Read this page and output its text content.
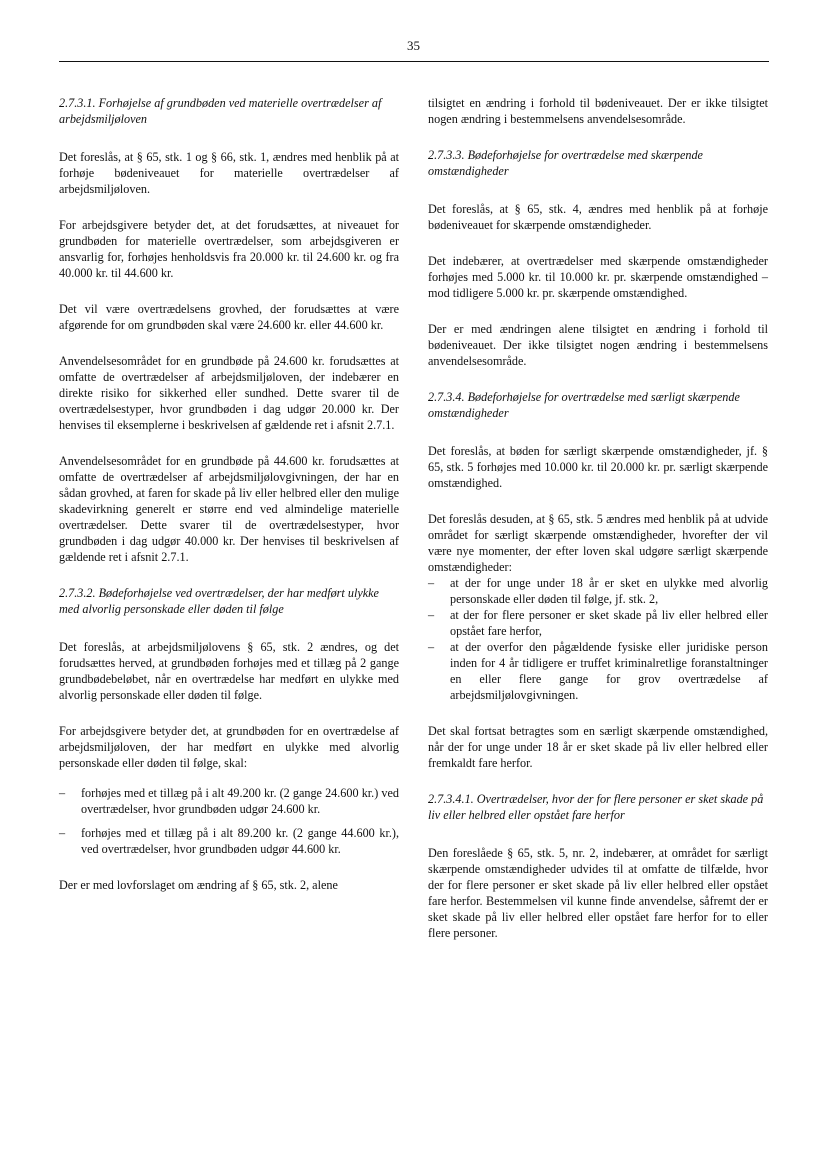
35
2.7.3.1. Forhøjelse af grundbøden ved materielle overtrædelser af arbejdsmiljøloven

Det foreslås, at § 65, stk. 1 og § 66, stk. 1, ændres med henblik på at forhøje bødeniveauet for materielle overtrædelser af arbejdsmiljøloven.

For arbejdsgivere betyder det, at det forudsættes, at niveauet for grundbøden for materielle overtrædelser, som arbejdsgiveren er ansvarlig for, forhøjes henholdsvis fra 20.000 kr. til 24.600 kr. og fra 40.000 kr. til 44.600 kr.

Det vil være overtrædelsens grovhed, der forudsættes at være afgørende for om grundbøden skal være 24.600 kr. eller 44.600 kr.

Anvendelsesområdet for en grundbøde på 24.600 kr. forudsættes at omfatte de overtrædelser af arbejdsmiljøloven, der indebærer en direkte risiko for sikkerhed eller sundhed. Dette svarer til de overtrædelsestyper, hvor grundbøden i dag udgør 20.000 kr. Der henvises til eksemplerne i beskrivelsen af gældende ret i afsnit 2.7.1.

Anvendelsesområdet for en grundbøde på 44.600 kr. forudsættes at omfatte de overtrædelser af arbejdsmiljølovgivningen, der har en sådan grovhed, at faren for skade på liv eller helbred eller den mulige skadevirkning generelt er større end ved almindelige materielle overtrædelser. Dette svarer til de overtrædelsestyper, hvor grundbøden i dag udgør 40.000 kr. Der henvises til beskrivelsen af gældende ret i afsnit 2.7.1.

2.7.3.2. Bødeforhøjelse ved overtrædelser, der har medført ulykke med alvorlig personskade eller døden til følge

Det foreslås, at arbejdsmiljølovens § 65, stk. 2 ændres, og det forudsættes herved, at grundbøden forhøjes med et tillæg på 2 gange grundbødebeløbet, når en overtrædelse har medført en ulykke med alvorlig personskade eller døden til følge.

For arbejdsgivere betyder det, at grundbøden for en overtrædelse af arbejdsmiljøloven, der har medført en ulykke med alvorlig personskade eller døden til følge, skal:

– forhøjes med et tillæg på i alt 49.200 kr. (2 gange 24.600 kr.) ved overtrædelser, hvor grundbøden udgør 24.600 kr.
– forhøjes med et tillæg på i alt 89.200 kr. (2 gange 44.600 kr.), ved overtrædelser, hvor grundbøden udgør 44.600 kr.

Der er med lovforslaget om ændring af § 65, stk. 2, alene

tilsigtet en ændring i forhold til bødeniveauet. Der er ikke tilsigtet nogen ændring i bestemmelsens anvendelsesområde.

2.7.3.3. Bødeforhøjelse for overtrædelse med skærpende omstændigheder

Det foreslås, at § 65, stk. 4, ændres med henblik på at forhøje bødeniveauet for skærpende omstændigheder.

Det indebærer, at overtrædelser med skærpende omstændigheder forhøjes med 5.000 kr. til 10.000 kr. pr. skærpende omstændighed – mod tidligere 5.000 kr. pr. skærpende omstændighed.

Der er med ændringen alene tilsigtet en ændring i forhold til bødeniveauet. Der ikke tilsigtet nogen ændring i bestemmelsens anvendelsesområde.

2.7.3.4. Bødeforhøjelse for overtrædelse med særligt skærpende omstændigheder

Det foreslås, at bøden for særligt skærpende omstændigheder, jf. § 65, stk. 5 forhøjes med 10.000 kr. til 20.000 kr. pr. særligt skærpende omstændighed.

Det foreslås desuden, at § 65, stk. 5 ændres med henblik på at udvide området for særligt skærpende omstændigheder, hvorefter der vil være nye momenter, der efter loven skal udgøre særligt skærpende omstændigheder:

– at der for unge under 18 år er sket en ulykke med alvorlig personskade eller døden til følge, jf. stk. 2,
– at der for flere personer er sket skade på liv eller helbred eller opstået fare herfor,
– at der overfor den pågældende fysiske eller juridiske person inden for 4 år tidligere er truffet kriminalretlige foranstaltninger en eller flere gange for grov overtrædelse af arbejdsmiljølovgivningen.

Det skal fortsat betragtes som en særligt skærpende omstændighed, når der for unge under 18 år er sket skade på liv eller helbred eller fremkaldt fare herfor.

2.7.3.4.1. Overtrædelser, hvor der for flere personer er sket skade på liv eller helbred eller opstået fare herfor

Den foreslåede § 65, stk. 5, nr. 2, indebærer, at området for særligt skærpende omstændigheder udvides til at omfatte de tilfælde, hvor der for flere personer er sket skade på liv eller helbred eller opstået fare herfor. Bestemmelsen vil kunne finde anvendelse, såfremt der er sket skade på liv eller helbred eller opstået fare herfor for to eller flere personer.
